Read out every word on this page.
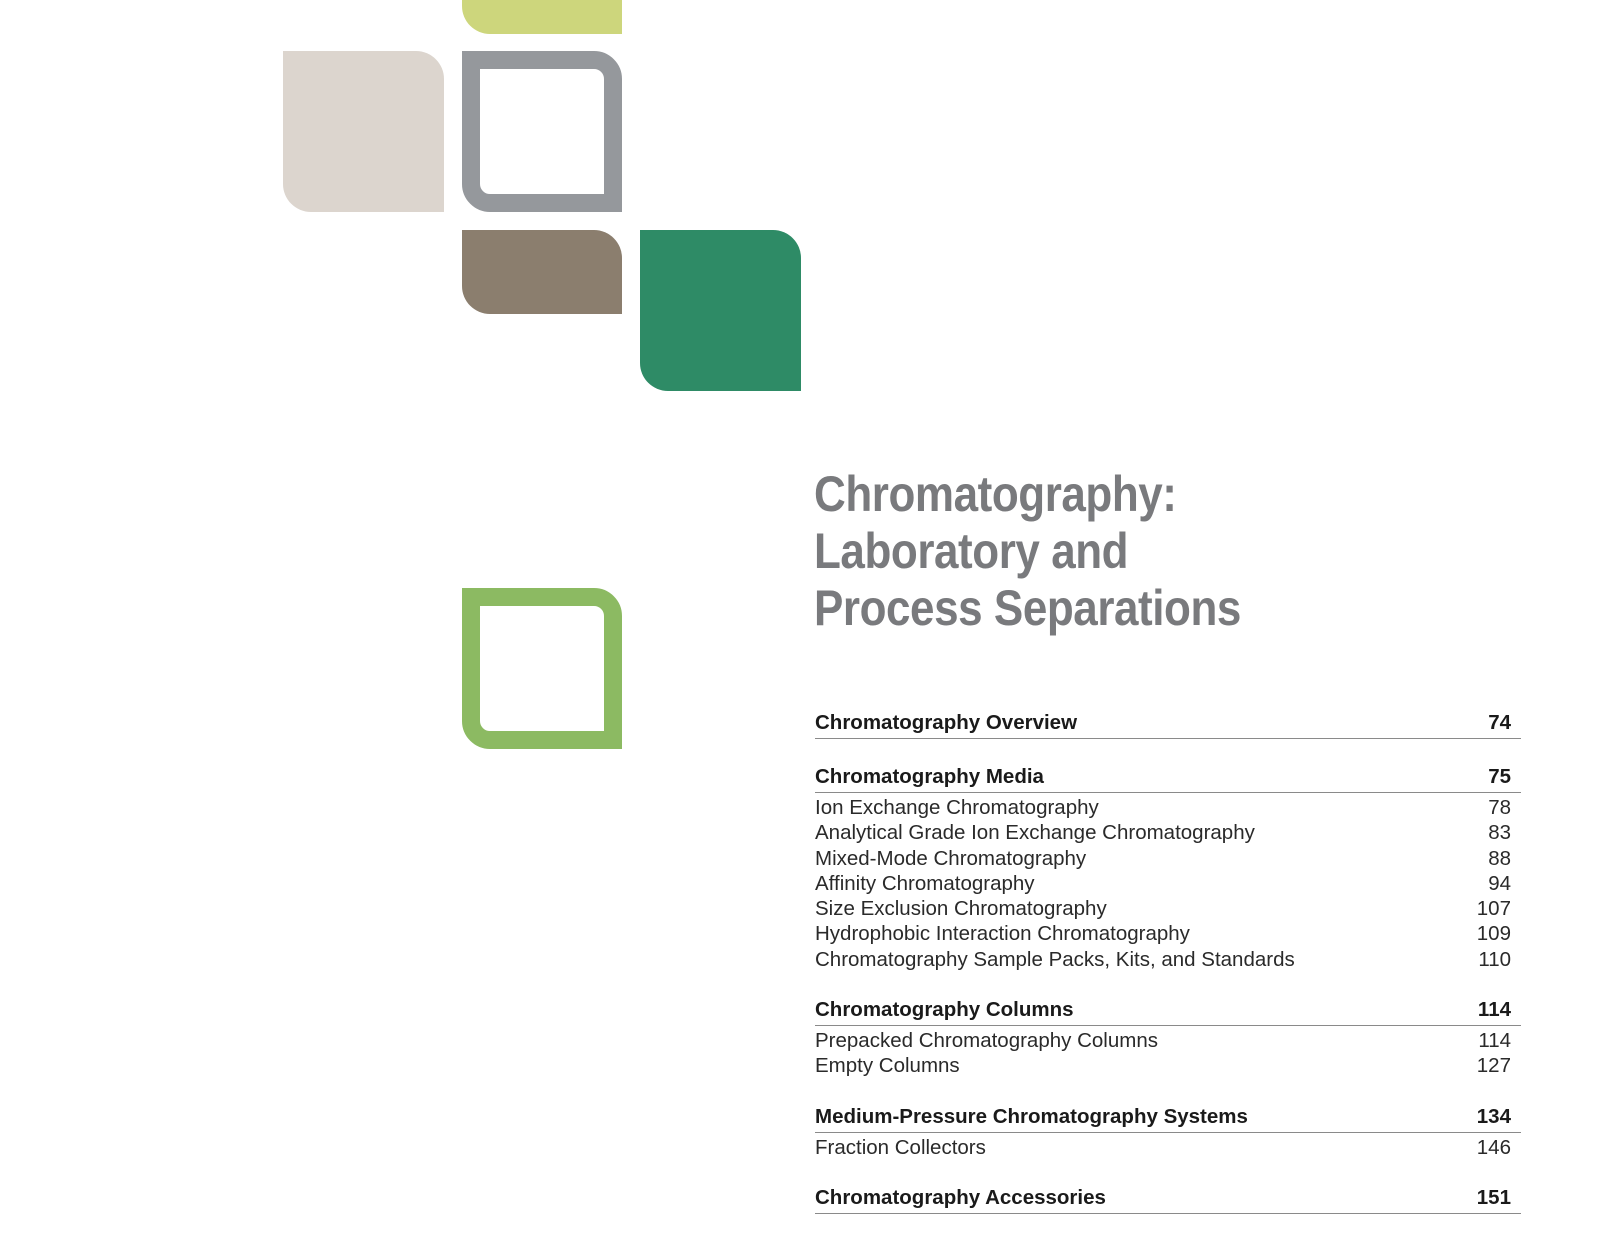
Chromatography:
Laboratory and
Process Separations
Chromatography Overview	74
Chromatography Media	75
Ion Exchange Chromatography	78
Analytical Grade Ion Exchange Chromatography	83
Mixed-Mode Chromatography	88
Affinity Chromatography	94
Size Exclusion Chromatography	107
Hydrophobic Interaction Chromatography	109
Chromatography Sample Packs, Kits, and Standards	110
Chromatography Columns	114
Prepacked Chromatography Columns	114
Empty Columns	127
Medium-Pressure Chromatography Systems	134
Fraction Collectors	146
Chromatography Accessories	151
